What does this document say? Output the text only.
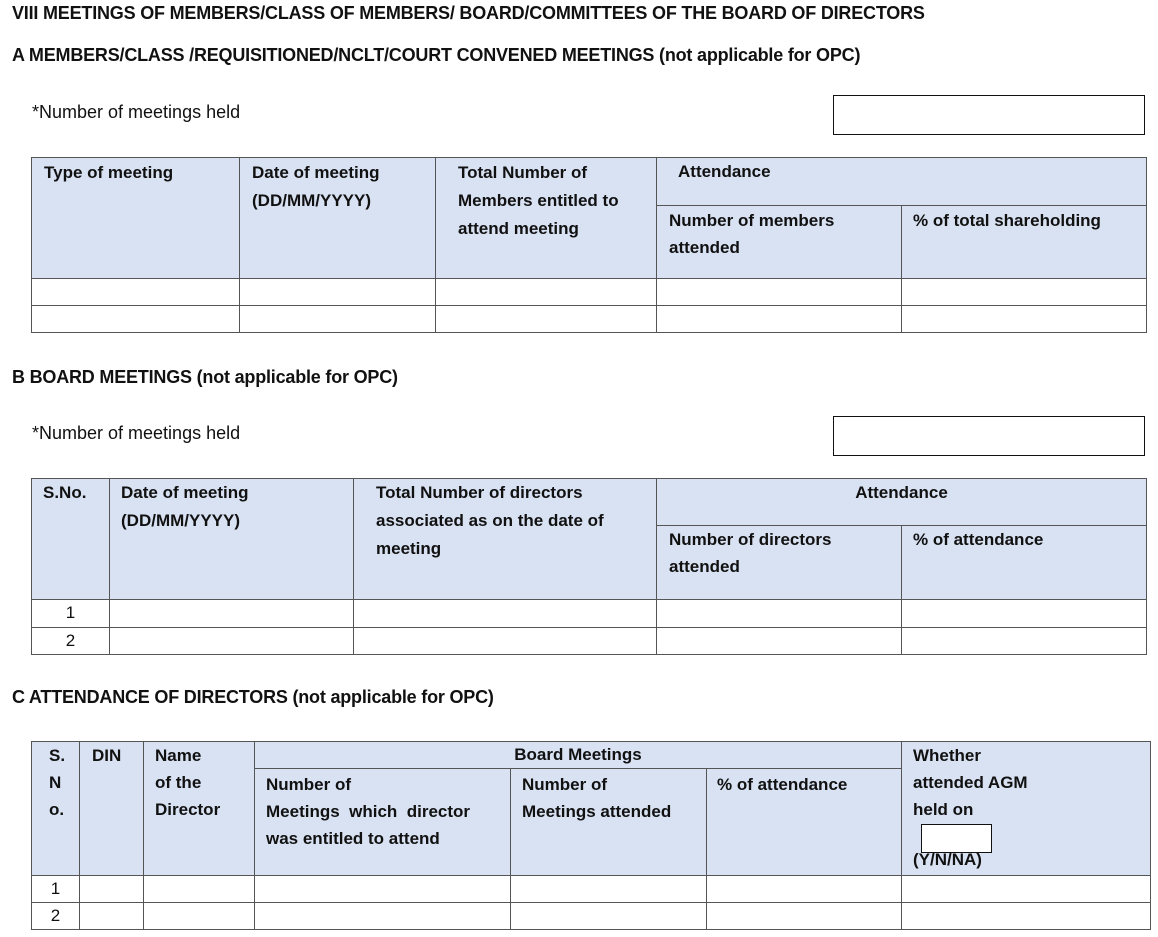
VIII MEETINGS OF MEMBERS/CLASS OF MEMBERS/ BOARD/COMMITTEES OF THE BOARD OF DIRECTORS
A MEMBERS/CLASS /REQUISITIONED/NCLT/COURT CONVENED MEETINGS (not applicable for OPC)
*Number of meetings held
Type of meeting	Date of meeting
(DD/MM/YYYY)
Total Number of
Members entitled to
attend meeting
Attendance
Number of members
attended
% of total shareholding
B BOARD MEETINGS (not applicable for OPC)
*Number of meetings held
S.No. Date of meeting
(DD/MM/YYYY)
Total Number of directors
associated as on the date of
meeting
Attendance
Number of directors
attended
% of attendance
1
2
C ATTENDANCE OF DIRECTORS (not applicable for OPC)
S.
N
o.
DIN Name
of the
Director
Board Meetings
Number of
Meetings  which  director
was entitled to attend
Number of
Meetings attended
% of attendance
Whether
attended AGM
held on
(Y/N/NA)
1
2
